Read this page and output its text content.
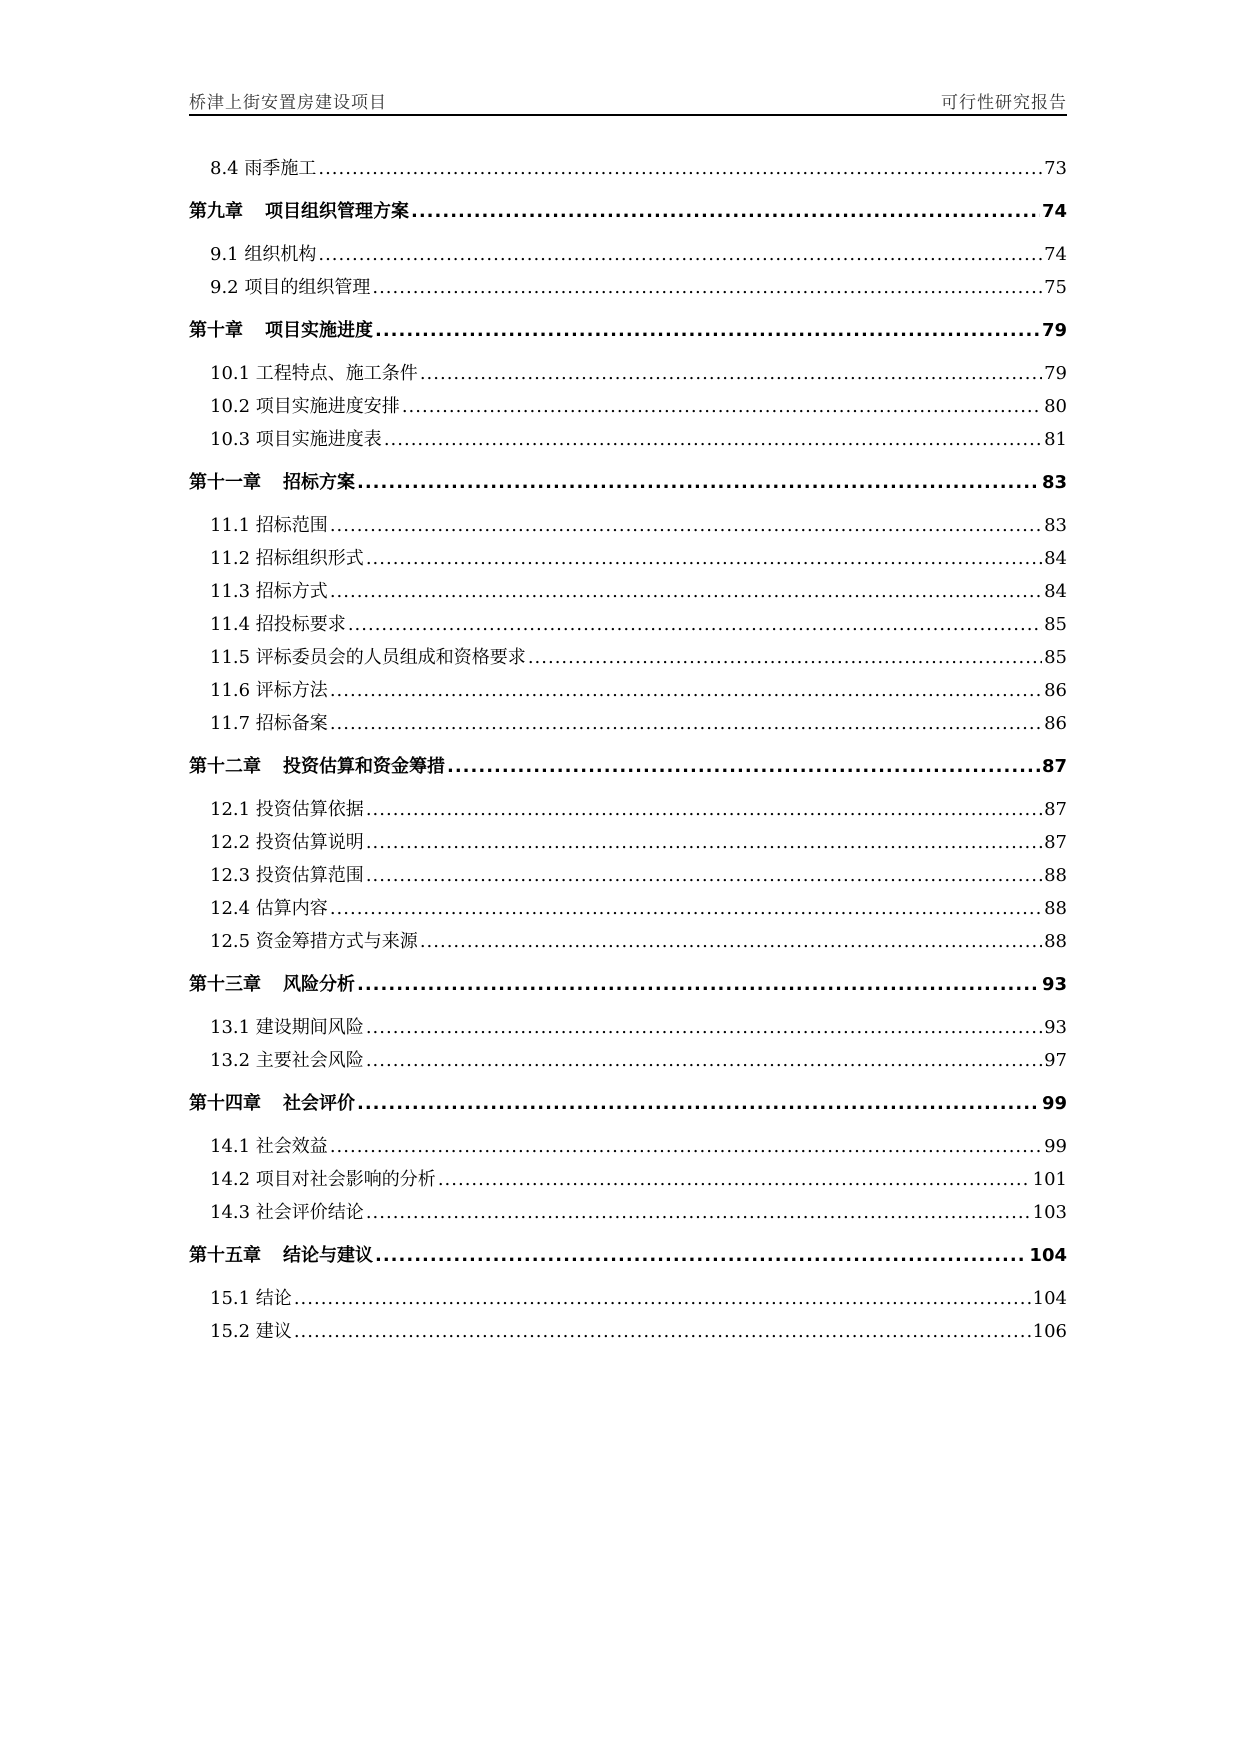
桥津上街安置房建设项目	可行性研究报告
8.4 雨季施工 .....	73
第九章 项目组织管理方案 .....	74
9.1 组织机构 .....	74
9.2 项目的组织管理 .....	75
第十章 项目实施进度 .....	79
10.1 工程特点、施工条件 .....	79
10.2 项目实施进度安排 .....	80
10.3 项目实施进度表 .....	81
第十一章 招标方案 .....	83
11.1 招标范围 .....	83
11.2 招标组织形式 .....	84
11.3 招标方式 .....	84
11.4 招投标要求 .....	85
11.5 评标委员会的人员组成和资格要求 .....	85
11.6 评标方法 .....	86
11.7 招标备案 .....	86
第十二章 投资估算和资金筹措 .....	87
12.1 投资估算依据 .....	87
12.2 投资估算说明 .....	87
12.3 投资估算范围 .....	88
12.4 估算内容 .....	88
12.5 资金筹措方式与来源 .....	88
第十三章 风险分析 .....	93
13.1 建设期间风险 .....	93
13.2 主要社会风险 .....	97
第十四章 社会评价 .....	99
14.1 社会效益 .....	99
14.2 项目对社会影响的分析 .....	101
14.3 社会评价结论 .....	103
第十五章 结论与建议 .....	104
15.1 结论 .....	104
15.2 建议 .....	106
